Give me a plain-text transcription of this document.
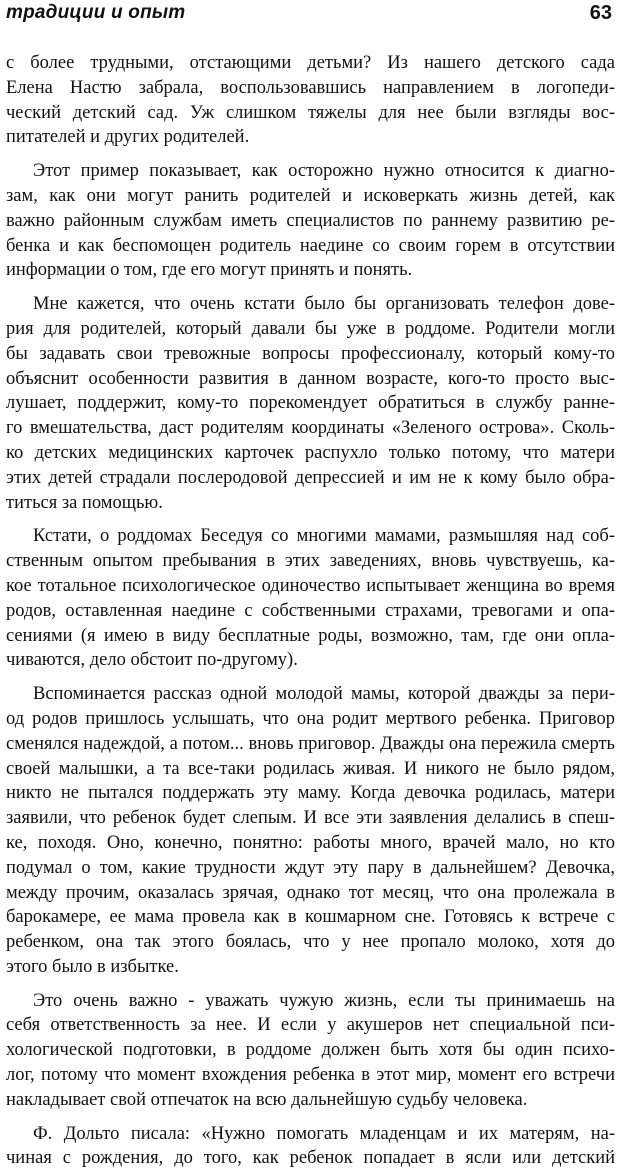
традиции и опыт	63
с более трудными, отстающими детьми? Из нашего детского сада
Елена Настю забрала, воспользовавшись направлением в логопеди-
ческий детский сад. Уж слишком тяжелы для нее были взгляды вос-
питателей и других родителей.
Этот пример показывает, как осторожно нужно относится к диагно-
зам, как они могут ранить родителей и исковеркать жизнь детей, как
важно районным службам иметь специалистов по раннему развитию ре-
бенка и как беспомощен родитель наедине со своим горем в отсутствии
информации о том, где его могут принять и понять.
Мне кажется, что очень кстати было бы организовать телефон дове-
рия для родителей, который давали бы уже в роддоме. Родители могли
бы задавать свои тревожные вопросы профессионалу, который кому-то
объяснит особенности развития в данном возрасте, кого-то просто выс-
лушает, поддержит, кому-то порекомендует обратиться в службу ранне-
го вмешательства, даст родителям координаты «Зеленого острова». Сколь-
ко детских медицинских карточек распухло только потому, что матери
этих детей страдали послеродовой депрессией и им не к кому было обра-
титься за помощью.
Кстати, о роддомах Беседуя со многими мамами, размышляя над соб-
ственным опытом пребывания в этих заведениях, вновь чувствуешь, ка-
кое тотальное психологическое одиночество испытывает женщина во время
родов, оставленная наедине с собственными страхами, тревогами и опа-
сениями (я имею в виду бесплатные роды, возможно, там, где они опла-
чиваются, дело обстоит по-другому).
Вспоминается рассказ одной молодой мамы, которой дважды за пери-
од родов пришлось услышать, что она родит мертвого ребенка. Приговор
сменялся надеждой, а потом... вновь приговор. Дважды она пережила смерть
своей малышки, а та все-таки родилась живая. И никого не было рядом,
никто не пытался поддержать эту маму. Когда девочка родилась, матери
заявили, что ребенок будет слепым. И все эти заявления делались в спеш-
ке, походя. Оно, конечно, понятно: работы много, врачей мало, но кто
подумал о том, какие трудности ждут эту пару в дальнейшем? Девочка,
между прочим, оказалась зрячая, однако тот месяц, что она пролежала в
барокамере, ее мама провела как в кошмарном сне. Готовясь к встрече с
ребенком, она так этого боялась, что у нее пропало молоко, хотя до
этого было в избытке.
Это очень важно - уважать чужую жизнь, если ты принимаешь на
себя ответственность за нее. И если у акушеров нет специальной пси-
хологической подготовки, в роддоме должен быть хотя бы один психо-
лог, потому что момент вхождения ребенка в этот мир, момент его встречи
накладывает свой отпечаток на всю дальнейшую судьбу человека.
Ф. Дольто писала: «Нужно помогать младенцам и их матерям, на-
чиная с рождения, до того, как ребенок попадает в ясли или детский
